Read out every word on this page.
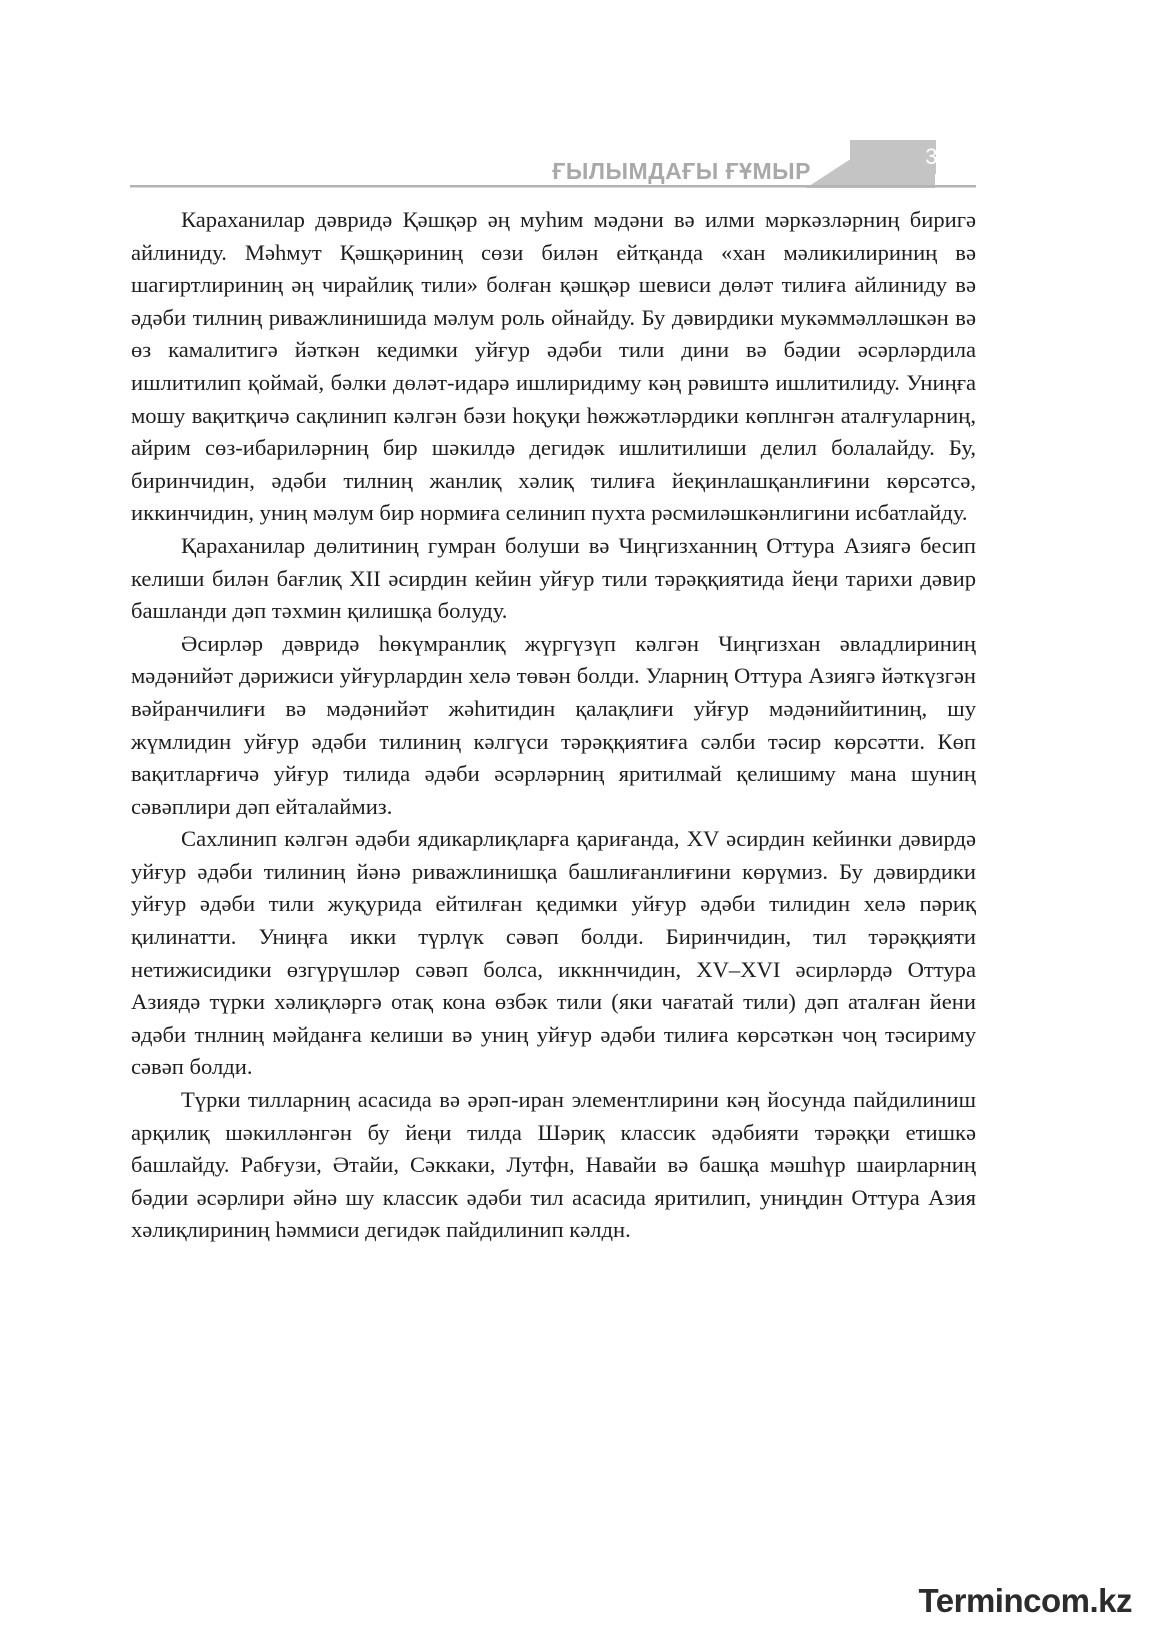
ҒЫЛЫМДАҒЫ ҒҰМЫР
389

Караханилар дәвридә Қәшқәр әң муһим мәдәни вә илми мәркәзләрниң биригә айлиниду. Мәһмут Қәшқәриниң сөзи билән ейтқанда «хан мәликилириниң вә шагиртлириниң әң чирайлиқ тили» болған қәшқәр шевиси дөләт тилиға айлиниду вә әдәби тилниң риважлинишида мәлум роль ойнайду. Бу дәвирдики мукәммәлләшкән вә өз камалитигә йәткән кедимки уйғур әдәби тили дини вә бәдии әсәрләрдила ишлитилип қоймай, бәлки дөләт-идарә ишлиридиму кәң рәвиштә ишлитилиду. Униңға мошу вақитқичә сақлинип кәлгән бәзи һоқуқи һөжжәтләрдики көплнгән аталғуларниң, айрим сөз-ибариләрниң бир шәкилдә дегидәк ишлитилиши делил болалайду. Бу, биринчидин, әдәби тилниң жанлиқ хәлиқ тилиға йеқинлашқанлиғини көрсәтсә, иккинчидин, униң мәлум бир нормиға селинип пухта рәсмиләшкәнлигини исбатлайду.

Қараханилар дөлитиниң гумран болуши вә Чиңгизханниң Оттура Азиягә бесип келиши билән бағлиқ XII әсирдин кейин уйғур тили тәрәққиятида йеңи тарихи дәвир башланди дәп тәхмин қилишқа болуду.

Әсирләр дәвридә һөкүмранлиқ жүргүзүп кәлгән Чиңгизхан әвладлириниң мәдәнийәт дәрижиси уйғурлардин хелә төвән болди. Уларниң Оттура Азиягә йәткүзгән вәйранчилиғи вә мәдәнийәт жәһитидин қалақлиғи уйғур мәдәнийитиниң, шу жүмлидин уйғур әдәби тилиниң кәлгүси тәрәққиятиға сәлби тәсир көрсәтти. Көп вақитларғичә уйғур тилида әдәби әсәрләрниң яритилмай қелишиму мана шуниң сәвәплири дәп ейталаймиз.

Сахлинип кәлгән әдәби ядикарлиқларға қариғанда, XV әсирдин кейинки дәвирдә уйғур әдәби тилиниң йәнә риважлинишқа башлиғанлиғини көрүмиз. Бу дәвирдики уйғур әдәби тили жуқурида ейтилған қедимки уйғур әдәби тилидин хелә пәриқ қилинатти. Униңға икки түрлүк сәвәп болди. Биринчидин, тил тәрәққияти нетижисидики өзгүрүшләр сәвәп болса, иккннчидин, XV–XVI әсирләрдә Оттура Азиядә түрки хәлиқләргә отақ кона өзбәк тили (яки чағатай тили) дәп аталған йени әдәби тнлниң мәйданға келиши вә униң уйғур әдәби тилиға көрсәткән чоң тәсириму сәвәп болди.

Түрки тилларниң асасида вә әрәп-иран элементлирини кәң йосунда пайдилиниш арқилиқ шәкилләнгән бу йеңи тилда Шәриқ классик әдәбияти тәрәққи етишкә башлайду. Рабғузи, Әтайи, Сәккаки, Лутфн, Навайи вә башқа мәшһүр шаирларниң бәдии әсәрлири әйнә шу классик әдәби тил асасида яритилип, униңдин Оттура Азия хәлиқлириниң һәммиси дегидәк пайдилинип кәлдн.

Termincom.kz
